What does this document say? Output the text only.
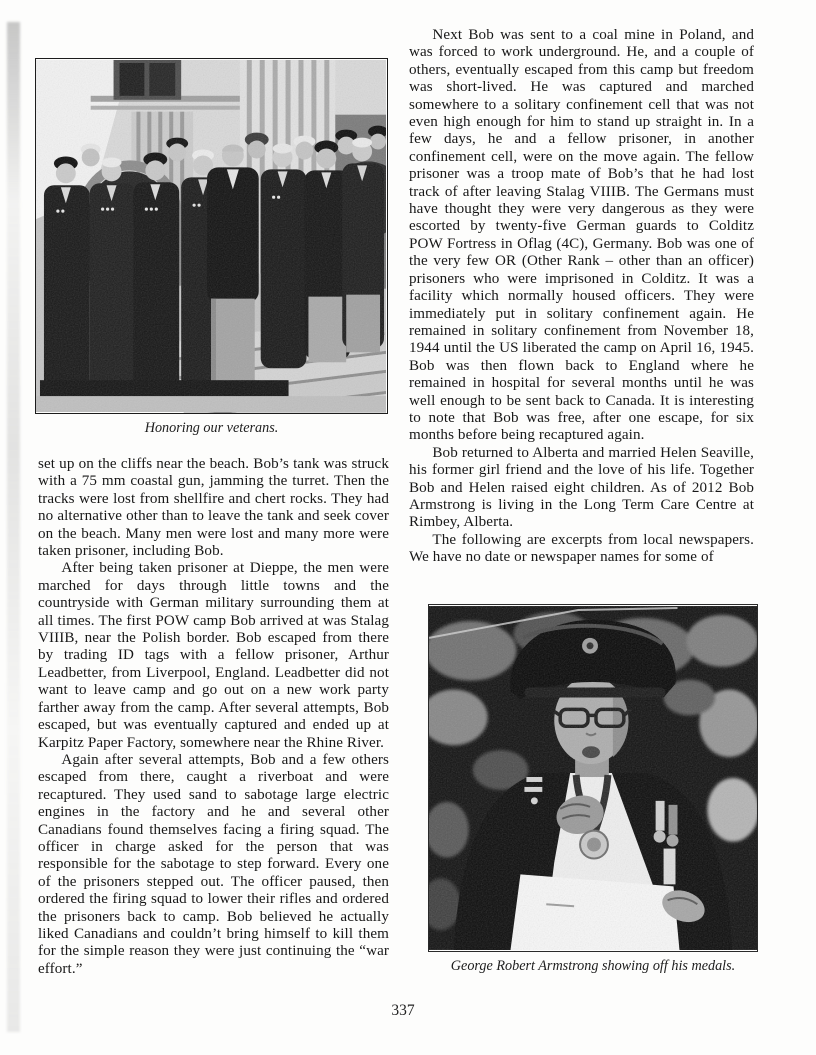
Honoring our veterans.

set up on the cliffs near the beach. Bob’s tank was struck with a 75 mm coastal gun, jamming the turret. Then the tracks were lost from shellfire and chert rocks. They had no alternative other than to leave the tank and seek cover on the beach. Many men were lost and many more were taken prisoner, including Bob.

After being taken prisoner at Dieppe, the men were marched for days through little towns and the countryside with German military surrounding them at all times. The first POW camp Bob arrived at was Stalag VIIIB, near the Polish border. Bob escaped from there by trading ID tags with a fellow prisoner, Arthur Leadbetter, from Liverpool, England. Leadbetter did not want to leave camp and go out on a new work party farther away from the camp. After several attempts, Bob escaped, but was eventually captured and ended up at Karpitz Paper Factory, somewhere near the Rhine River.

Again after several attempts, Bob and a few others escaped from there, caught a riverboat and were recaptured. They used sand to sabotage large electric engines in the factory and he and several other Canadians found themselves facing a firing squad. The officer in charge asked for the person that was responsible for the sabotage to step forward. Every one of the prisoners stepped out. The officer paused, then ordered the firing squad to lower their rifles and ordered the prisoners back to camp. Bob believed he actually liked Canadians and couldn’t bring himself to kill them for the simple reason they were just continuing the “war effort.”

Next Bob was sent to a coal mine in Poland, and was forced to work underground. He, and a couple of others, eventually escaped from this camp but freedom was short-lived. He was captured and marched somewhere to a solitary confinement cell that was not even high enough for him to stand up straight in. In a few days, he and a fellow prisoner, in another confinement cell, were on the move again. The fellow prisoner was a troop mate of Bob’s that he had lost track of after leaving Stalag VIIIB. The Germans must have thought they were very dangerous as they were escorted by twenty-five German guards to Colditz POW Fortress in Oflag (4C), Germany. Bob was one of the very few OR (Other Rank – other than an officer) prisoners who were imprisoned in Colditz. It was a facility which normally housed officers. They were immediately put in solitary confinement again. He remained in solitary confinement from November 18, 1944 until the US liberated the camp on April 16, 1945. Bob was then flown back to England where he remained in hospital for several months until he was well enough to be sent back to Canada. It is interesting to note that Bob was free, after one escape, for six months before being recaptured again.

Bob returned to Alberta and married Helen Seaville, his former girl friend and the love of his life. Together Bob and Helen raised eight children. As of 2012 Bob Armstrong is living in the Long Term Care Centre at Rimbey, Alberta.

The following are excerpts from local newspapers. We have no date or newspaper names for some of

George Robert Armstrong showing off his medals.
337
